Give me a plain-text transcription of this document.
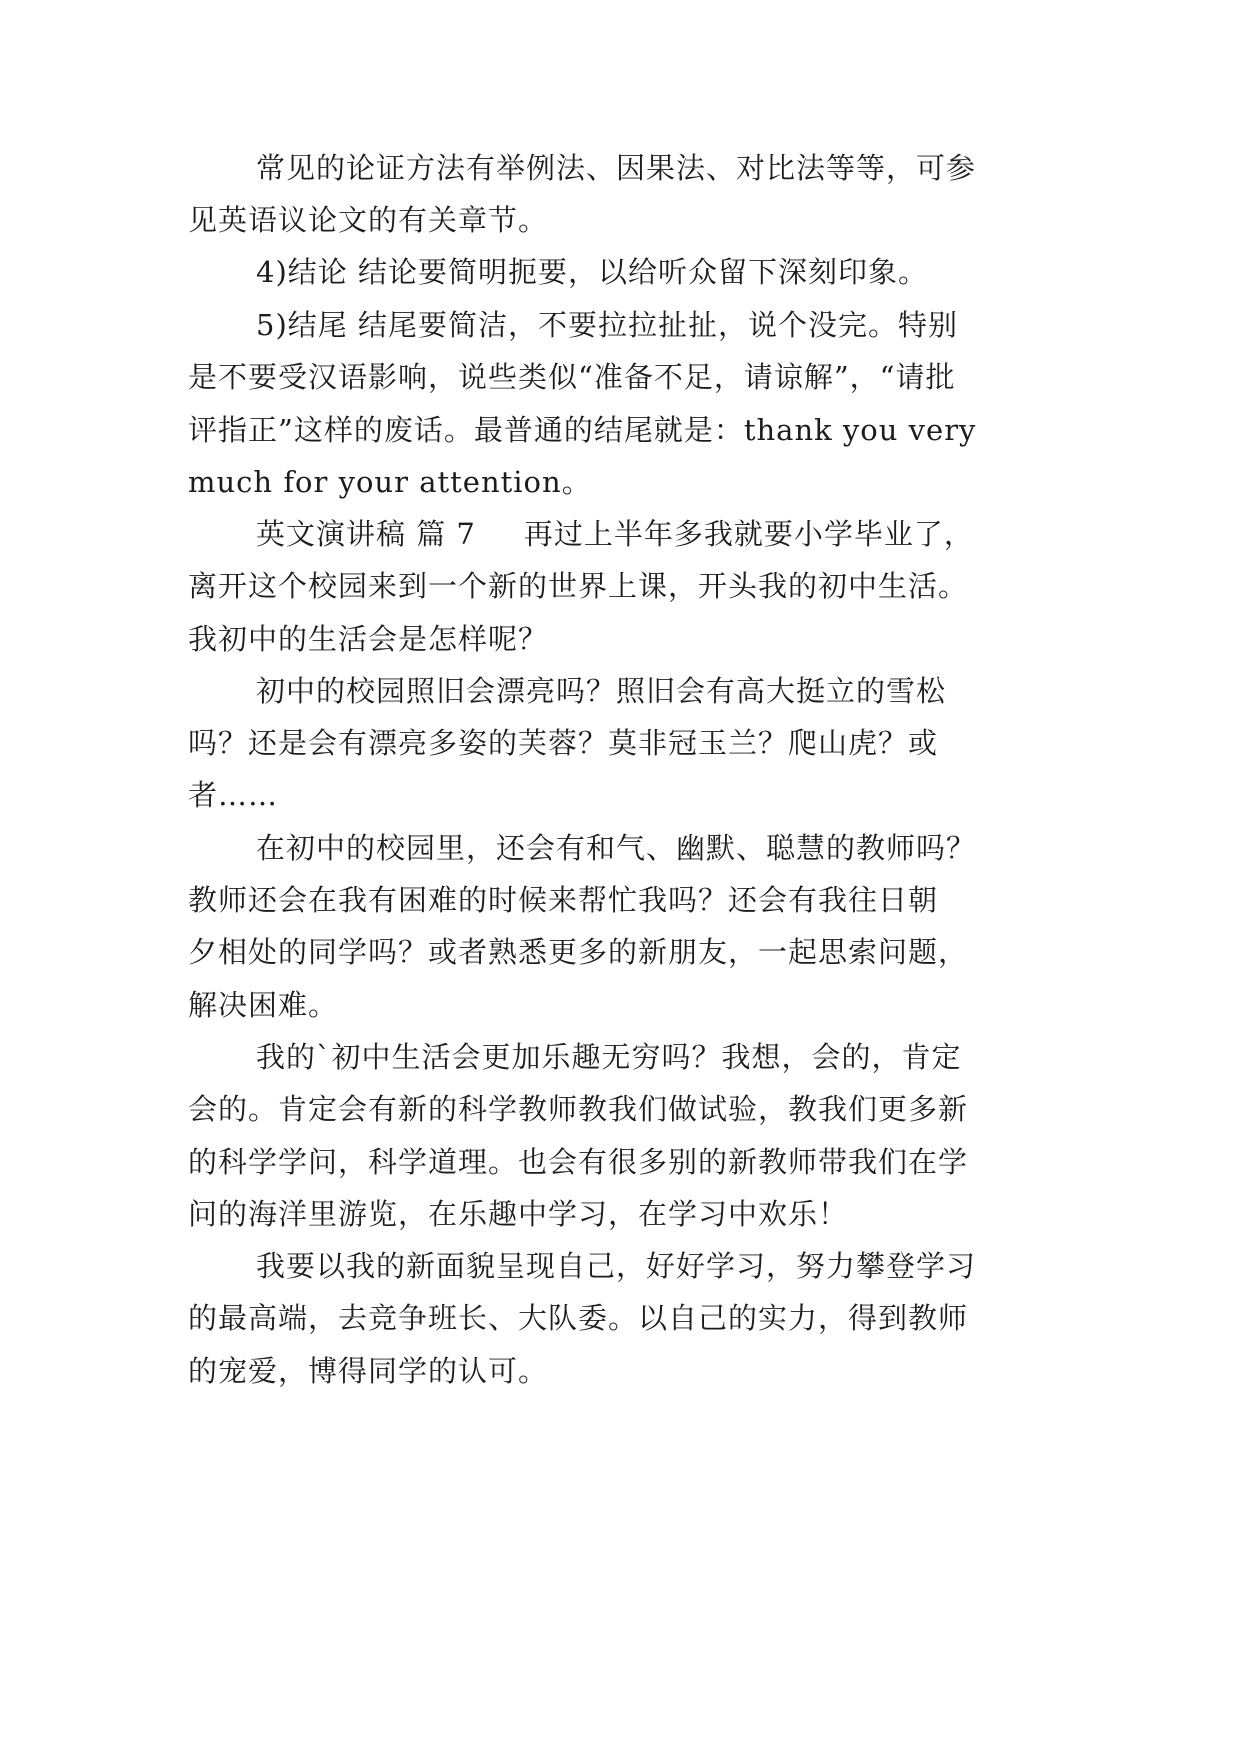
常见的论证方法有举例法、因果法、对比法等等，可参

见英语议论文的有关章节。

4)结论 结论要简明扼要，以给听众留下深刻印象。

5)结尾 结尾要简洁，不要拉拉扯扯，说个没完。特别

是不要受汉语影响，说些类似“准备不足，请谅解”，“请批

评指正”这样的废话。最普通的结尾就是：thank you very

much for your attention。

英文演讲稿 篇 7 再过上半年多我就要小学毕业了，

离开这个校园来到一个新的世界上课，开头我的初中生活。

我初中的生活会是怎样呢？

初中的校园照旧会漂亮吗？照旧会有高大挺立的雪松

吗？还是会有漂亮多姿的芙蓉？莫非冠玉兰？爬山虎？或

者……

在初中的校园里，还会有和气、幽默、聪慧的教师吗？

教师还会在我有困难的时候来帮忙我吗？还会有我往日朝

夕相处的同学吗？或者熟悉更多的新朋友，一起思索问题，

解决困难。

我的`初中生活会更加乐趣无穷吗？我想，会的，肯定

会的。肯定会有新的科学教师教我们做试验，教我们更多新

的科学学问，科学道理。也会有很多别的新教师带我们在学

问的海洋里游览，在乐趣中学习，在学习中欢乐！

我要以我的新面貌呈现自己，好好学习，努力攀登学习

的最高端，去竞争班长、大队委。以自己的实力，得到教师

的宠爱，博得同学的认可。
